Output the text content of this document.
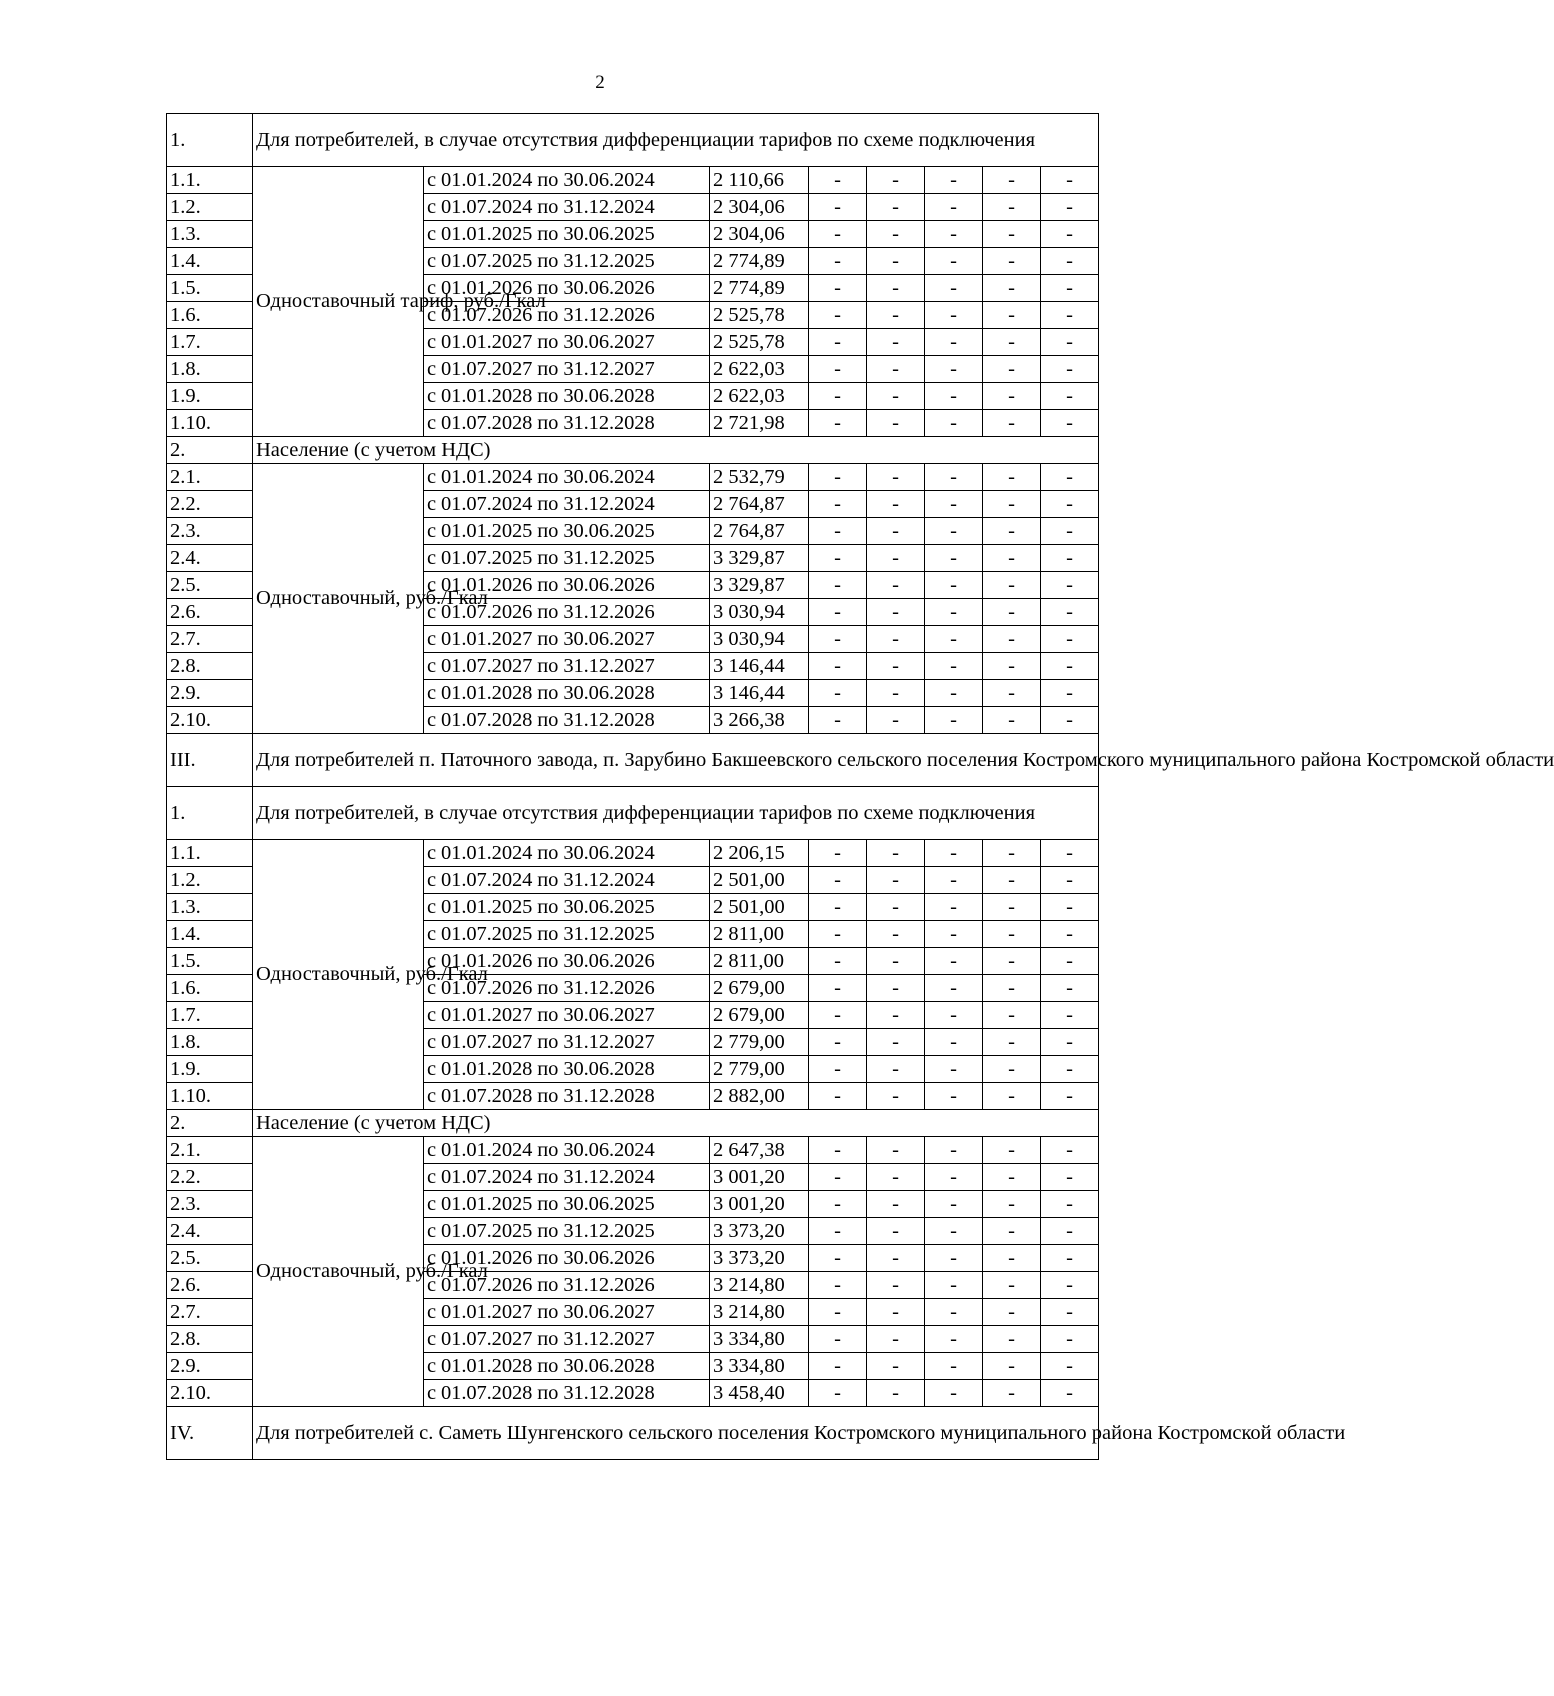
2
1.	Для потребителей, в случае отсутствия дифференциации тарифов по схеме подключения							
1.1.	Одноставочный тариф, руб./Гкал	с 01.01.2024 по 30.06.2024	2 110,66	-	-	-	-	-
1.2.		с 01.07.2024 по 31.12.2024	2 304,06	-	-	-	-	-
1.3.		с 01.01.2025 по 30.06.2025	2 304,06	-	-	-	-	-
1.4.		с 01.07.2025 по 31.12.2025	2 774,89	-	-	-	-	-
1.5.		с 01.01.2026 по 30.06.2026	2 774,89	-	-	-	-	-
1.6.		с 01.07.2026 по 31.12.2026	2 525,78	-	-	-	-	-
1.7.		с 01.01.2027 по 30.06.2027	2 525,78	-	-	-	-	-
1.8.		с 01.07.2027 по 31.12.2027	2 622,03	-	-	-	-	-
1.9.		с 01.01.2028 по 30.06.2028	2 622,03	-	-	-	-	-
1.10.		с 01.07.2028 по 31.12.2028	2 721,98	-	-	-	-	-
2.	Население (с учетом НДС)							
2.1.	Одноставочный, руб./Гкал	с 01.01.2024 по 30.06.2024	2 532,79	-	-	-	-	-
2.2.		с 01.07.2024 по 31.12.2024	2 764,87	-	-	-	-	-
2.3.		с 01.01.2025 по 30.06.2025	2 764,87	-	-	-	-	-
2.4.		с 01.07.2025 по 31.12.2025	3 329,87	-	-	-	-	-
2.5.		с 01.01.2026 по 30.06.2026	3 329,87	-	-	-	-	-
2.6.		с 01.07.2026 по 31.12.2026	3 030,94	-	-	-	-	-
2.7.		с 01.01.2027 по 30.06.2027	3 030,94	-	-	-	-	-
2.8.		с 01.07.2027 по 31.12.2027	3 146,44	-	-	-	-	-
2.9.		с 01.01.2028 по 30.06.2028	3 146,44	-	-	-	-	-
2.10.		с 01.07.2028 по 31.12.2028	3 266,38	-	-	-	-	-
III.	Для потребителей п. Паточного завода, п. Зарубино Бакшеевского сельского поселения Костромского муниципального района Костромской области							
1.	Для потребителей, в случае отсутствия дифференциации тарифов по схеме подключения							
1.1.	Одноставочный, руб./Гкал	с 01.01.2024 по 30.06.2024	2 206,15	-	-	-	-	-
1.2.		с 01.07.2024 по 31.12.2024	2 501,00	-	-	-	-	-
1.3.		с 01.01.2025 по 30.06.2025	2 501,00	-	-	-	-	-
1.4.		с 01.07.2025 по 31.12.2025	2 811,00	-	-	-	-	-
1.5.		с 01.01.2026 по 30.06.2026	2 811,00	-	-	-	-	-
1.6.		с 01.07.2026 по 31.12.2026	2 679,00	-	-	-	-	-
1.7.		с 01.01.2027 по 30.06.2027	2 679,00	-	-	-	-	-
1.8.		с 01.07.2027 по 31.12.2027	2 779,00	-	-	-	-	-
1.9.		с 01.01.2028 по 30.06.2028	2 779,00	-	-	-	-	-
1.10.		с 01.07.2028 по 31.12.2028	2 882,00	-	-	-	-	-
2.	Население (с учетом НДС)							
2.1.	Одноставочный, руб./Гкал	с 01.01.2024 по 30.06.2024	2 647,38	-	-	-	-	-
2.2.		с 01.07.2024 по 31.12.2024	3 001,20	-	-	-	-	-
2.3.		с 01.01.2025 по 30.06.2025	3 001,20	-	-	-	-	-
2.4.		с 01.07.2025 по 31.12.2025	3 373,20	-	-	-	-	-
2.5.		с 01.01.2026 по 30.06.2026	3 373,20	-	-	-	-	-
2.6.		с 01.07.2026 по 31.12.2026	3 214,80	-	-	-	-	-
2.7.		с 01.01.2027 по 30.06.2027	3 214,80	-	-	-	-	-
2.8.		с 01.07.2027 по 31.12.2027	3 334,80	-	-	-	-	-
2.9.		с 01.01.2028 по 30.06.2028	3 334,80	-	-	-	-	-
2.10.		с 01.07.2028 по 31.12.2028	3 458,40	-	-	-	-	-
IV.	Для потребителей с. Саметь Шунгенского сельского поселения Костромского муниципального района Костромской области							
